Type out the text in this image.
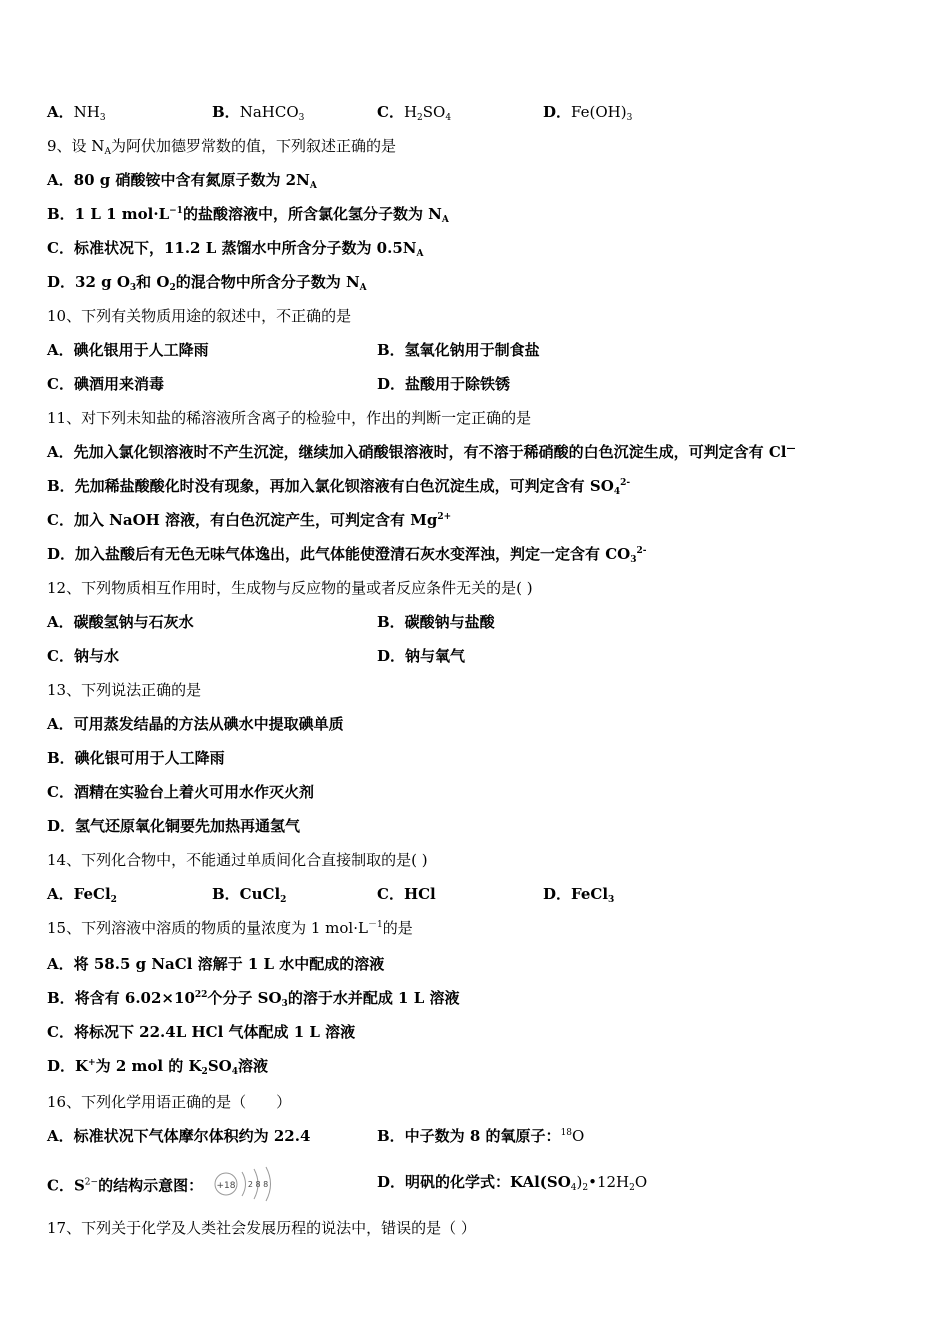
A．$NH_3$	B．NaHCO$_3$	C．$H_2SO_4$	D．$Fe(OH)_3$
9、设 $N_A$为阿伏加德罗常数的值，下列叙述正确的是
A．80 g 硝酸铵中含有氮原子数为 $2N_A$
B．1 L 1 $mol\cdot L^{-1}$的盐酸溶液中，所含氯化氢分子数为 $N_A$
C．标准状况下，11.2 L 蒸馏水中所含分子数为 $0.5N_A$
D．32 g $O_3$和 $O_2$的混合物中所含分子数为 $N_A$
10、下列有关物质用途的叙述中，不正确的是
A．碘化银用于人工降雨	B．氢氧化钠用于制食盐
C．碘酒用来消毒	D．盐酸用于除铁锈
11、对下列未知盐的稀溶液所含离子的检验中，作出的判断一定正确的是
A．先加入氯化钡溶液时不产生沉淀，继续加入硝酸银溶液时，有不溶于稀硝酸的白色沉淀生成，可判定含有 Cl—
B．先加稀盐酸酸化时没有现象，再加入氯化钡溶液有白色沉淀生成，可判定含有 $SO_4^{2-}$
C．加入 NaOH 溶液，有白色沉淀产生，可判定含有 $Mg^{2+}$
D．加入盐酸后有无色无味气体逸出，此气体能使澄清石灰水变浑浊，判定一定含有 $CO_3^{2-}$
12、下列物质相互作用时，生成物与反应物的量或者反应条件无关的是( )
A．碳酸氢钠与石灰水	B．碳酸钠与盐酸
C．钠与水	D．钠与氧气
13、下列说法正确的是
A．可用蒸发结晶的方法从碘水中提取碘单质
B．碘化银可用于人工降雨
C．酒精在实验台上着火可用水作灭火剂
D．氢气还原氧化铜要先加热再通氢气
14、下列化合物中，不能通过单质间化合直接制取的是( )
A．FeCl$_2$	B．CuCl$_2$	C．HCl	D．FeCl$_3$
15、下列溶液中溶质的物质的量浓度为 1 $mol\cdot L^{-1}$的是
A．将 58.5 g NaCl 溶解于 1 L 水中配成的溶液
B．将含有 $6.02\times 10^{22}$个分子 $SO_3$的溶于水并配成 1 L 溶液
C．将标况下 22.4L HCl 气体配成 1 L 溶液
D．K+为 2 mol 的 $K_2SO_4$溶液
16、下列化学用语正确的是（　　）
A．标准状况下气体摩尔体积约为 22.4	B．中子数为 8 的氧原子：$^{18}$O
C．$S^{2-}$的结构示意图： +18 2 8 8	D．明矾的化学式：$KAl(SO_4)_2•12H_2O$
17、下列关于化学及人类社会发展历程的说法中，错误的是（ ）
